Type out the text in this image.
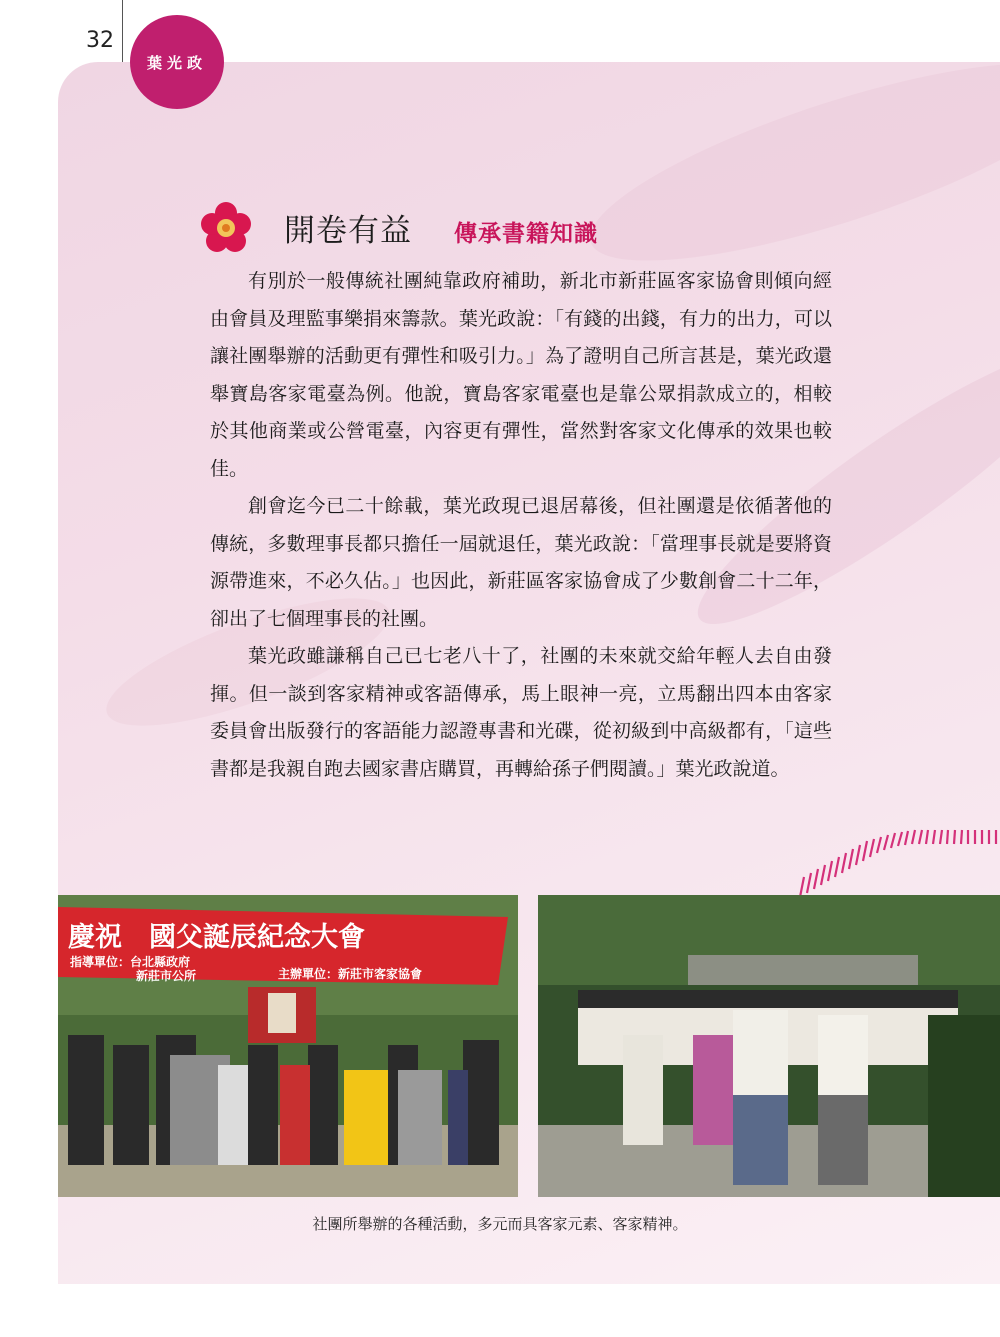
32
葉光政
開卷有益 傳承書籍知識

有別於一般傳統社團純靠政府補助，新北市新莊區客家協會則傾向經由會員及理監事樂捐來籌款。葉光政說：「有錢的出錢，有力的出力，可以讓社團舉辦的活動更有彈性和吸引力。」為了證明自己所言甚是，葉光政還舉寶島客家電臺為例。他說，寶島客家電臺也是靠公眾捐款成立的，相較於其他商業或公營電臺，內容更有彈性，當然對客家文化傳承的效果也較佳。

創會迄今已二十餘載，葉光政現已退居幕後，但社團還是依循著他的傳統，多數理事長都只擔任一屆就退任，葉光政說：「當理事長就是要將資源帶進來，不必久佔。」也因此，新莊區客家協會成了少數創會二十二年，卻出了七個理事長的社團。

葉光政雖謙稱自己已七老八十了，社團的未來就交給年輕人去自由發揮。但一談到客家精神或客語傳承，馬上眼神一亮，立馬翻出四本由客家委員會出版發行的客語能力認證專書和光碟，從初級到中高級都有，「這些書都是我親自跑去國家書店購買，再轉給孫子們閱讀。」葉光政說道。

慶祝　國父誕辰紀念大會
指導單位：台北縣政府
新莊市公所	主辦單位：新莊市客家協會
社團所舉辦的各種活動，多元而具客家元素、客家精神。
